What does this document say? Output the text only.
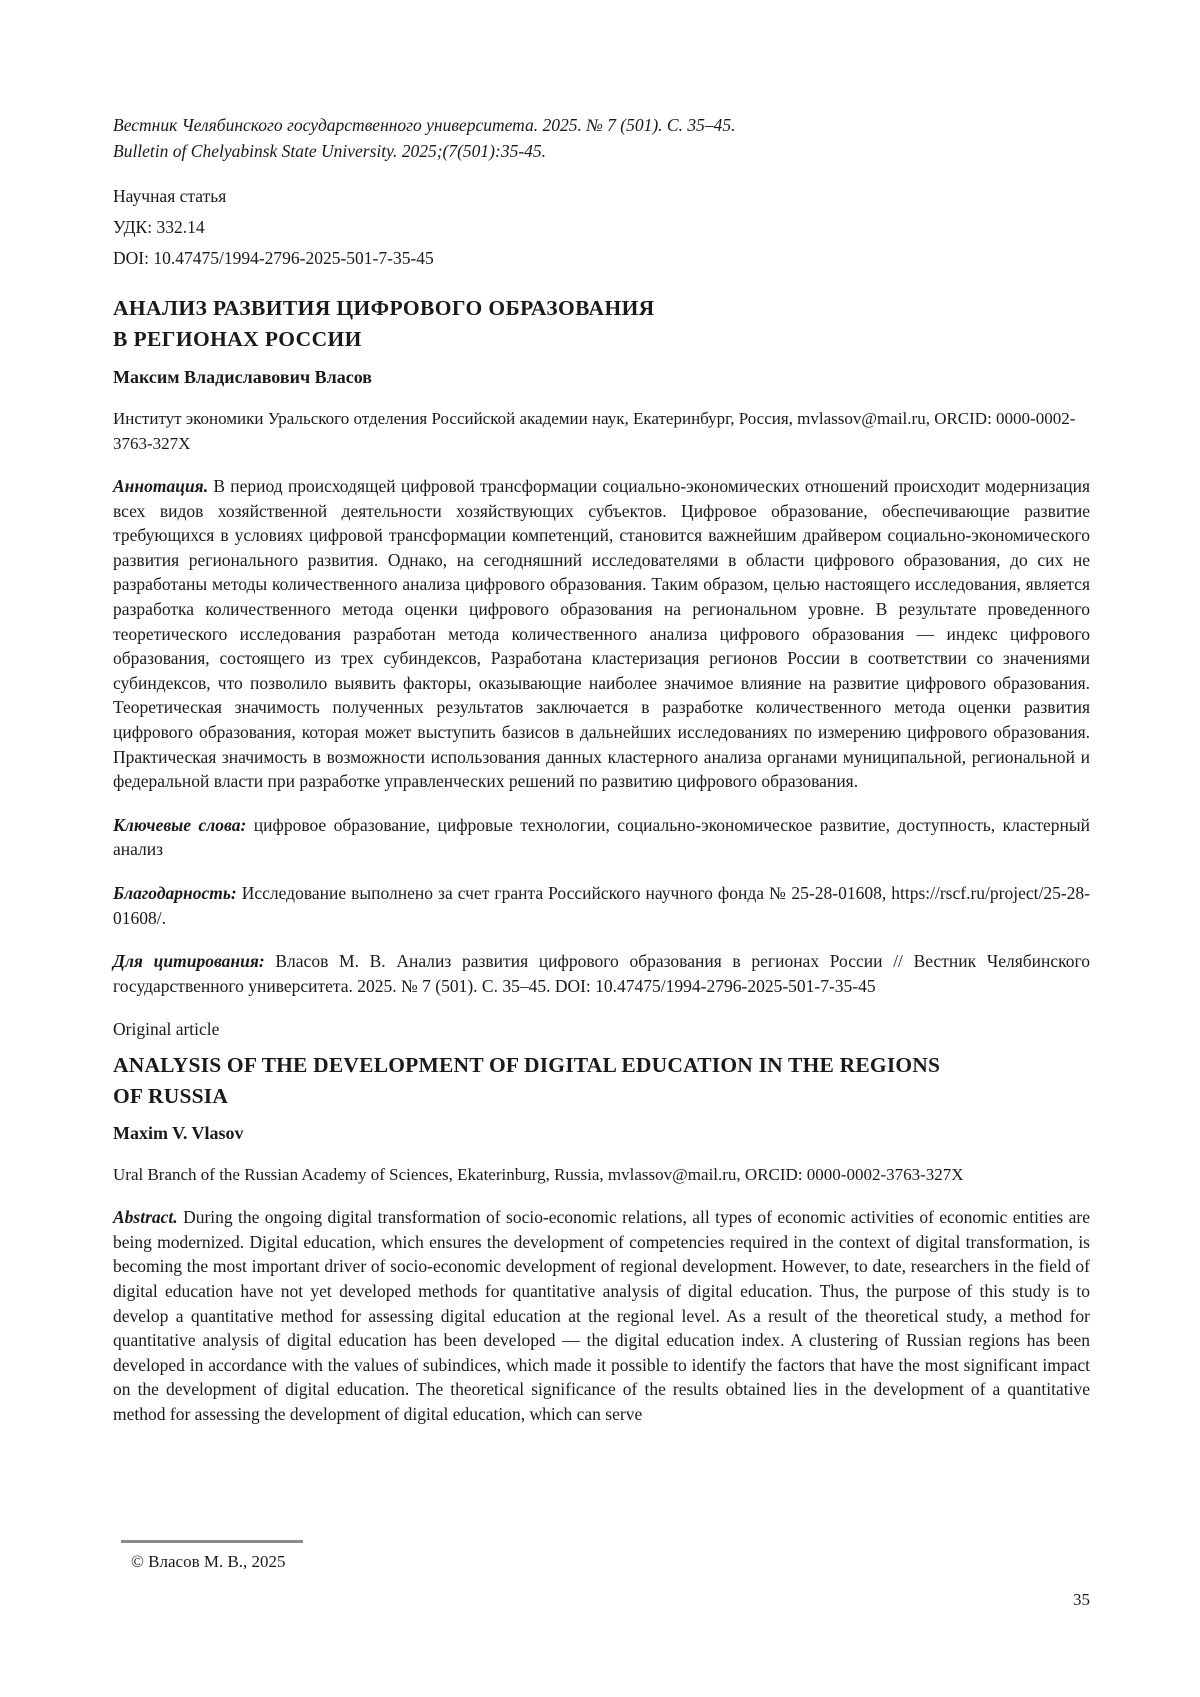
Вестник Челябинского государственного университета. 2025. № 7 (501). С. 35–45.

Bulletin of Chelyabinsk State University. 2025;(7(501):35-45.

Научная статья

УДК: 332.14

DOI: 10.47475/1994-2796-2025-501-7-35-45

АНАЛИЗ РАЗВИТИЯ ЦИФРОВОГО ОБРАЗОВАНИЯ
В РЕГИОНАХ РОССИИ

Максим Владиславович Власов

Институт экономики Уральского отделения Российской академии наук, Екатеринбург, Россия, mvlassov@mail.ru, ORCID: 0000-0002-3763-327X

Аннотация. В период происходящей цифровой трансформации социально-экономических отношений происходит модернизация всех видов хозяйственной деятельности хозяйствующих субъектов. Цифровое образование, обеспечивающие развитие требующихся в условиях цифровой трансформации компетенций, становится важнейшим драйвером социально-экономического развития регионального развития. Однако, на сегодняшний исследователями в области цифрового образования, до сих не разработаны методы количественного анализа цифрового образования. Таким образом, целью настоящего исследования, является разработка количественного метода оценки цифрового образования на региональном уровне. В результате проведенного теоретического исследования разработан метода количественного анализа цифрового образования — индекс цифрового образования, состоящего из трех субиндексов, Разработана кластеризация регионов России в соответствии со значениями субиндексов, что позволило выявить факторы, оказывающие наиболее значимое влияние на развитие цифрового образования. Теоретическая значимость полученных результатов заключается в разработке количественного метода оценки развития цифрового образования, которая может выступить базисов в дальнейших исследованиях по измерению цифрового образования. Практическая значимость в возможности использования данных кластерного анализа органами муниципальной, региональной и федеральной власти при разработке управленческих решений по развитию цифрового образования.

Ключевые слова: цифровое образование, цифровые технологии, социально-экономическое развитие, доступность, кластерный анализ

Благодарность: Исследование выполнено за счет гранта Российского научного фонда № 25-28-01608, https://rscf.ru/project/25-28-01608/.

Для цитирования: Власов М. В. Анализ развития цифрового образования в регионах России // Вестник Челябинского государственного университета. 2025. № 7 (501). С. 35–45. DOI: 10.47475/1994-2796-2025-501-7-35-45

Original article

ANALYSIS OF THE DEVELOPMENT OF DIGITAL EDUCATION IN THE REGIONS
OF RUSSIA

Maxim V. Vlasov

Ural Branch of the Russian Academy of Sciences, Ekaterinburg, Russia, mvlassov@mail.ru, ORCID: 0000-0002-3763-327X

Abstract. During the ongoing digital transformation of socio-economic relations, all types of economic activities of economic entities are being modernized. Digital education, which ensures the development of competencies required in the context of digital transformation, is becoming the most important driver of socio-economic development of regional development. However, to date, researchers in the field of digital education have not yet developed methods for quantitative analysis of digital education. Thus, the purpose of this study is to develop a quantitative method for assessing digital education at the regional level. As a result of the theoretical study, a method for quantitative analysis of digital education has been developed — the digital education index. A clustering of Russian regions has been developed in accordance with the values of subindices, which made it possible to identify the factors that have the most significant impact on the development of digital education. The theoretical significance of the results obtained lies in the development of a quantitative method for assessing the development of digital education, which can serve

© Власов М. В., 2025

35
